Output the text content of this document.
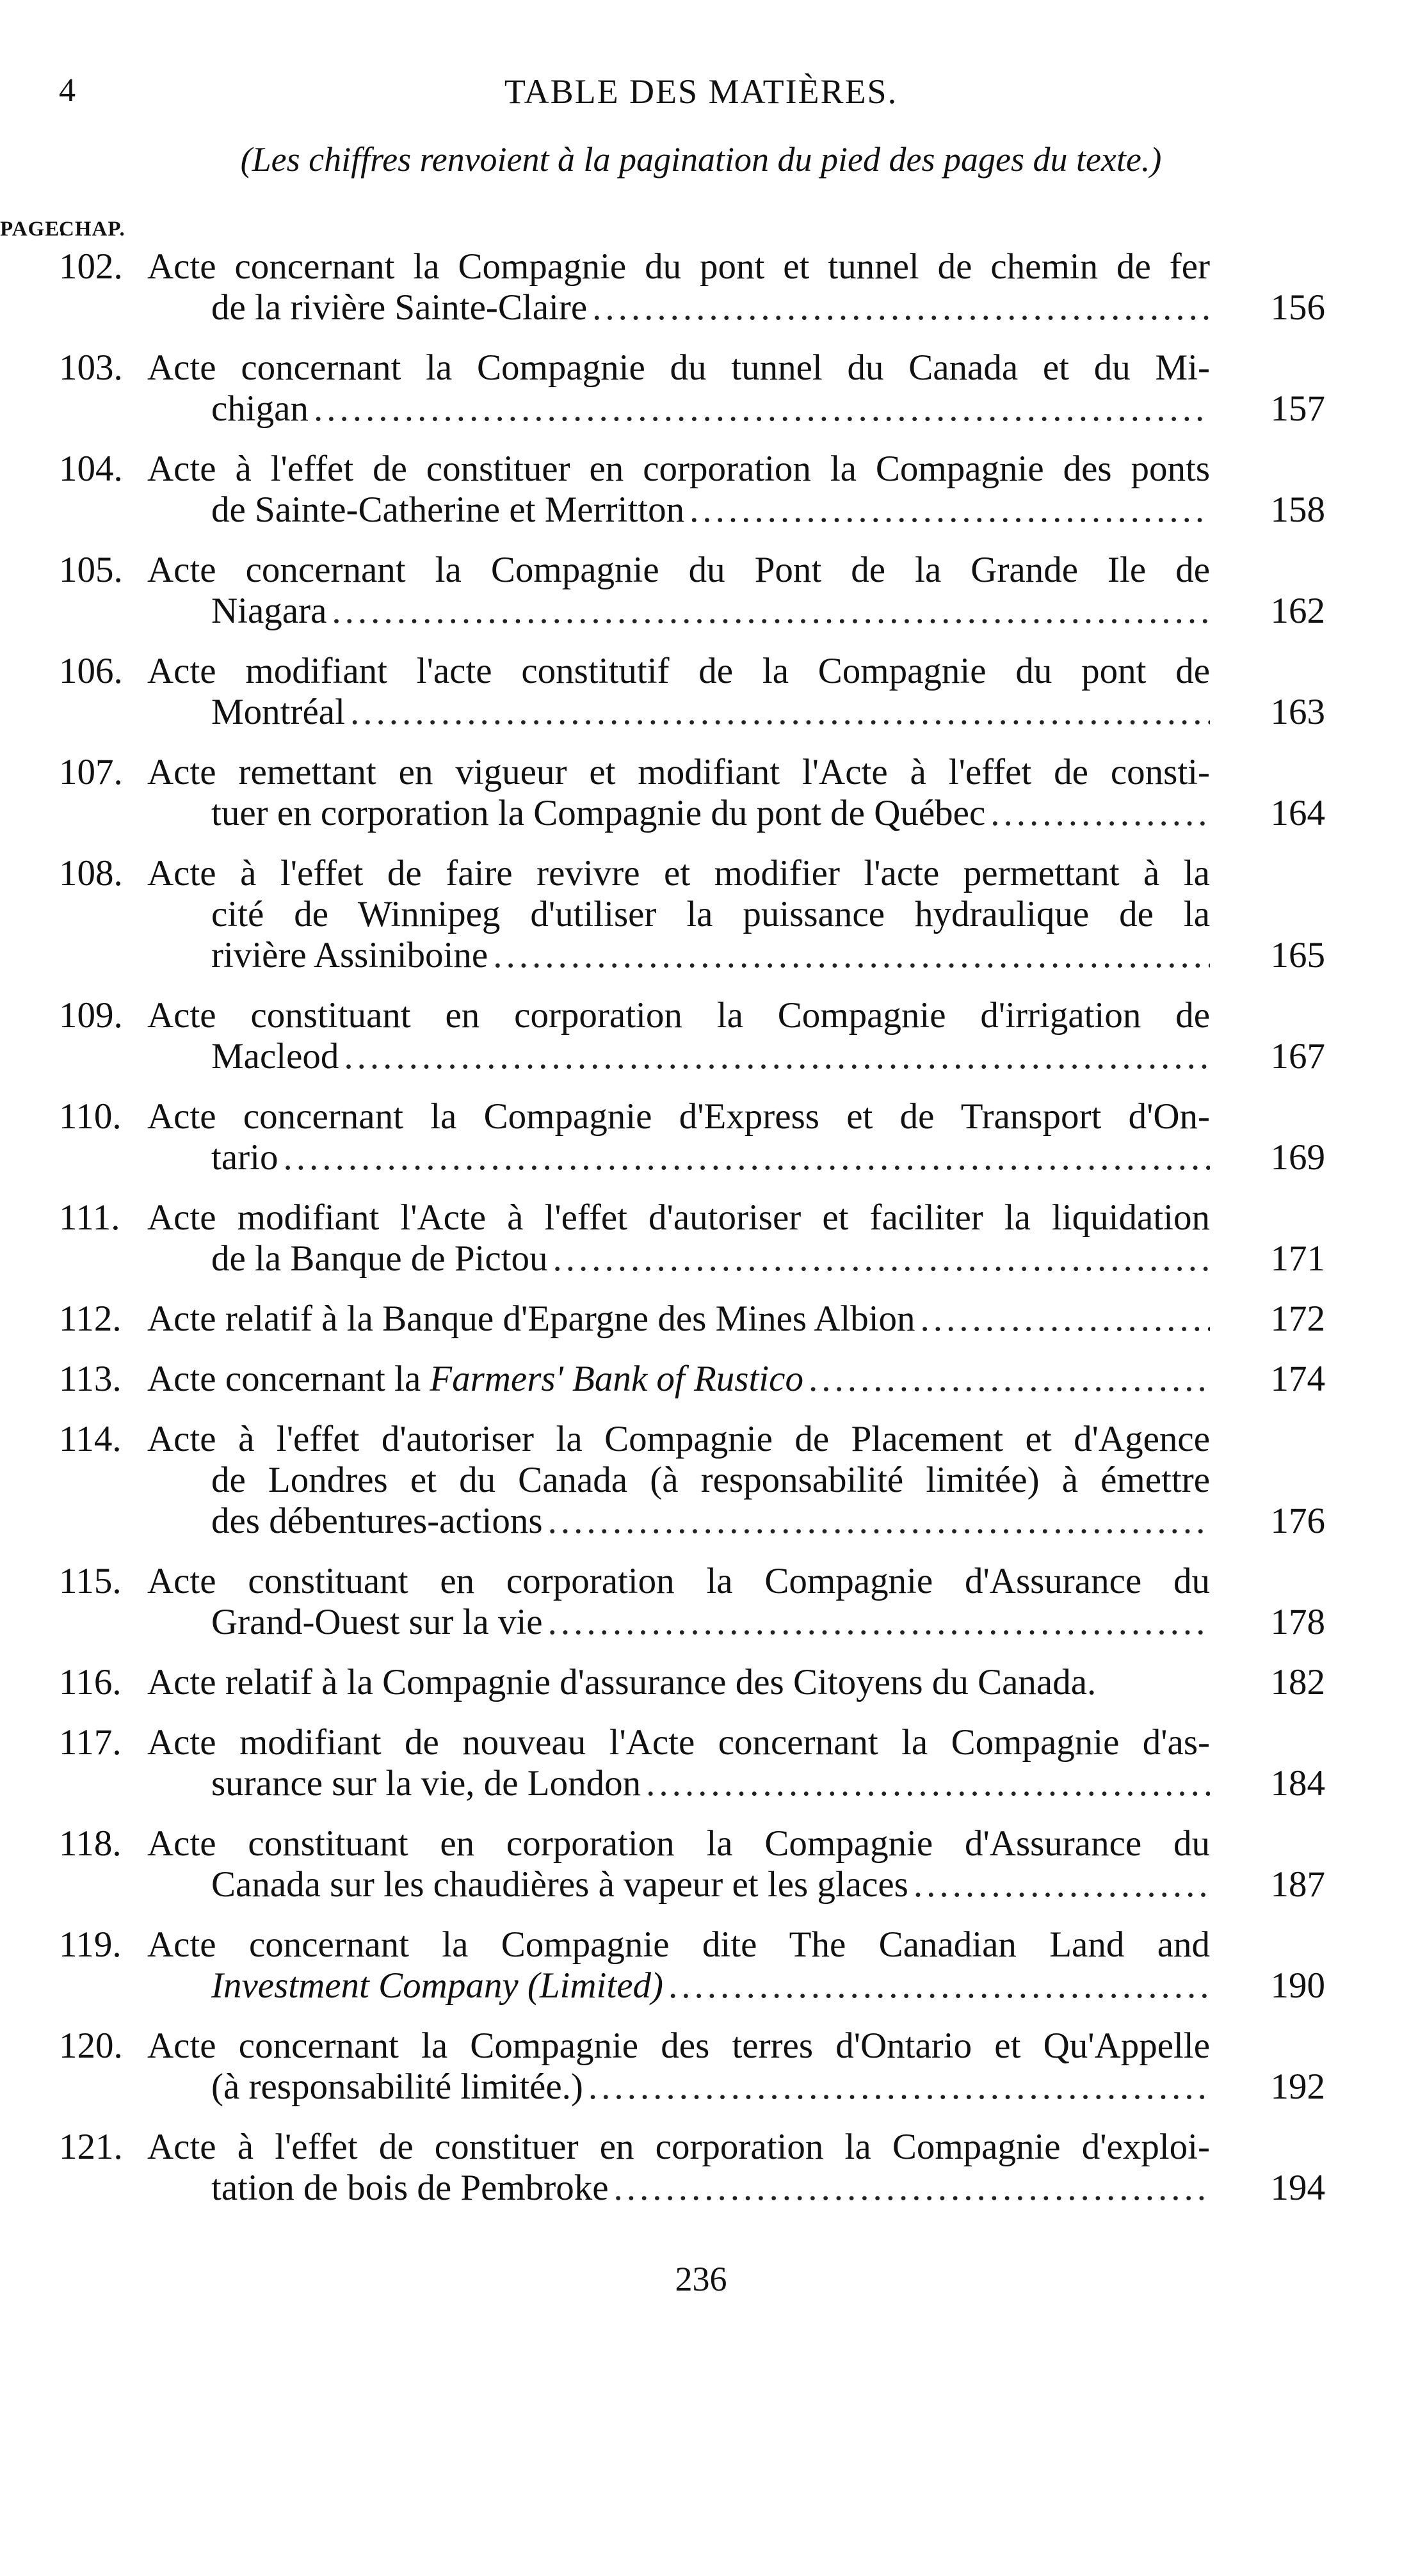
4	TABLE DES MATIÈRES.
(Les chiffres renvoient à la pagination du pied des pages du texte.)
CHAP.
PAGE.
102. Acte concernant la Compagnie du pont et tunnel de chemin de fer
de la rivière Sainte-Claire .....	156
103. Acte concernant la Compagnie du tunnel du Canada et du Mi-
chigan .....	157
104. Acte à l'effet de constituer en corporation la Compagnie des ponts
de Sainte-Catherine et Merritton .....	158
105. Acte concernant la Compagnie du Pont de la Grande Ile de
Niagara .....	162
106. Acte modifiant l'acte constitutif de la Compagnie du pont de
Montréal .....	163
107. Acte remettant en vigueur et modifiant l'Acte à l'effet de consti-
tuer en corporation la Compagnie du pont de Québec .....	164
108. Acte à l'effet de faire revivre et modifier l'acte permettant à la
cité de Winnipeg d'utiliser la puissance hydraulique de la
rivière Assiniboine .....	165
109. Acte constituant en corporation la Compagnie d'irrigation de
Macleod .....	167
110. Acte concernant la Compagnie d'Express et de Transport d'On-
tario .....	169
111. Acte modifiant l'Acte à l'effet d'autoriser et faciliter la liquidation
de la Banque de Pictou .....	171
112. Acte relatif à la Banque d'Epargne des Mines Albion .....	172
113. Acte concernant la Farmers' Bank of Rustico .....	174
114. Acte à l'effet d'autoriser la Compagnie de Placement et d'Agence
de Londres et du Canada (à responsabilité limitée) à émettre
des débentures-actions .....	176
115. Acte constituant en corporation la Compagnie d'Assurance du
Grand-Ouest sur la vie .....	178
116. Acte relatif à la Compagnie d'assurance des Citoyens du Canada.	182
117. Acte modifiant de nouveau l'Acte concernant la Compagnie d'as-
surance sur la vie, de London .....	184
118. Acte constituant en corporation la Compagnie d'Assurance du
Canada sur les chaudières à vapeur et les glaces .....	187
119. Acte concernant la Compagnie dite The Canadian Land and
Investment Company (Limited) .....	190
120. Acte concernant la Compagnie des terres d'Ontario et Qu'Appelle
(à responsabilité limitée.) .....	192
121. Acte à l'effet de constituer en corporation la Compagnie d'exploi-
tation de bois de Pembroke .....	194
236
